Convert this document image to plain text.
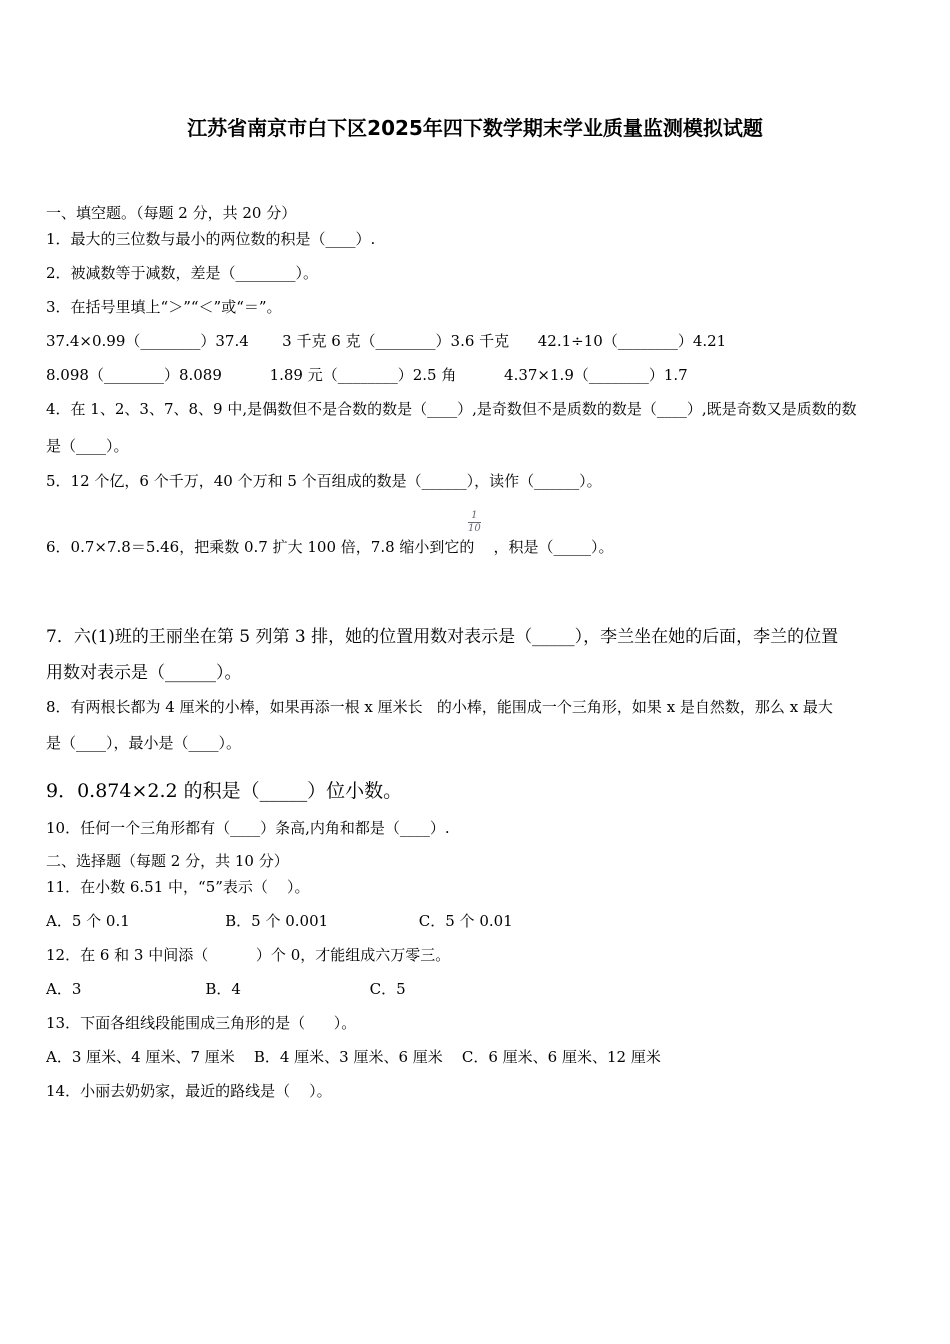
江苏省南京市白下区2025年四下数学期末学业质量监测模拟试题
一、填空题。（每题 2 分，共 20 分）
1．最大的三位数与最小的两位数的积是（____）.
2．被减数等于减数，差是（________）。
3．在括号里填上“＞”“＜”或“＝”。
37.4×0.99（________）37.4       3 千克 6 克（________）3.6 千克      42.1÷10（________）4.21
8.098（________）8.089          1.89 元（________）2.5 角          4.37×1.9（________）1.7
4．在 1、2、3、7、8、9 中,是偶数但不是合数的数是（____）,是奇数但不是质数的数是（____）,既是奇数又是质数的数
是（____）。
5．12 个亿，6 个千万，40 个万和 5 个百组成的数是（______），读作（______）。
$\frac{1}{10}$
6．0.7×7.8＝5.46，把乘数 0.7 扩大 100 倍，7.8 缩小到它的    ，积是（_____）。
7．六(1)班的王丽坐在第 5 列第 3 排，她的位置用数对表示是（_____），李兰坐在她的后面，李兰的位置
用数对表示是（______）。
8．有两根长都为 4 厘米的小棒，如果再添一根 x 厘米长   的小棒，能围成一个三角形，如果 x 是自然数，那么 x 最大
是（____），最小是（____）。
9．0.874×2.2 的积是（_____）位小数。
10．任何一个三角形都有（____）条高,内角和都是（____）.
二、选择题（每题 2 分，共 10 分）
11．在小数 6.51 中，“5”表示（    ）。
A．5 个 0.1                    B．5 个 0.001                   C．5 个 0.01
12．在 6 和 3 中间添（          ）个 0，才能组成六万零三。
A．3                          B．4                           C．5
13．下面各组线段能围成三角形的是（      ）。
A．3 厘米、4 厘米、7 厘米    B．4 厘米、3 厘米、6 厘米    C．6 厘米、6 厘米、12 厘米
14．小丽去奶奶家，最近的路线是（    ）。
